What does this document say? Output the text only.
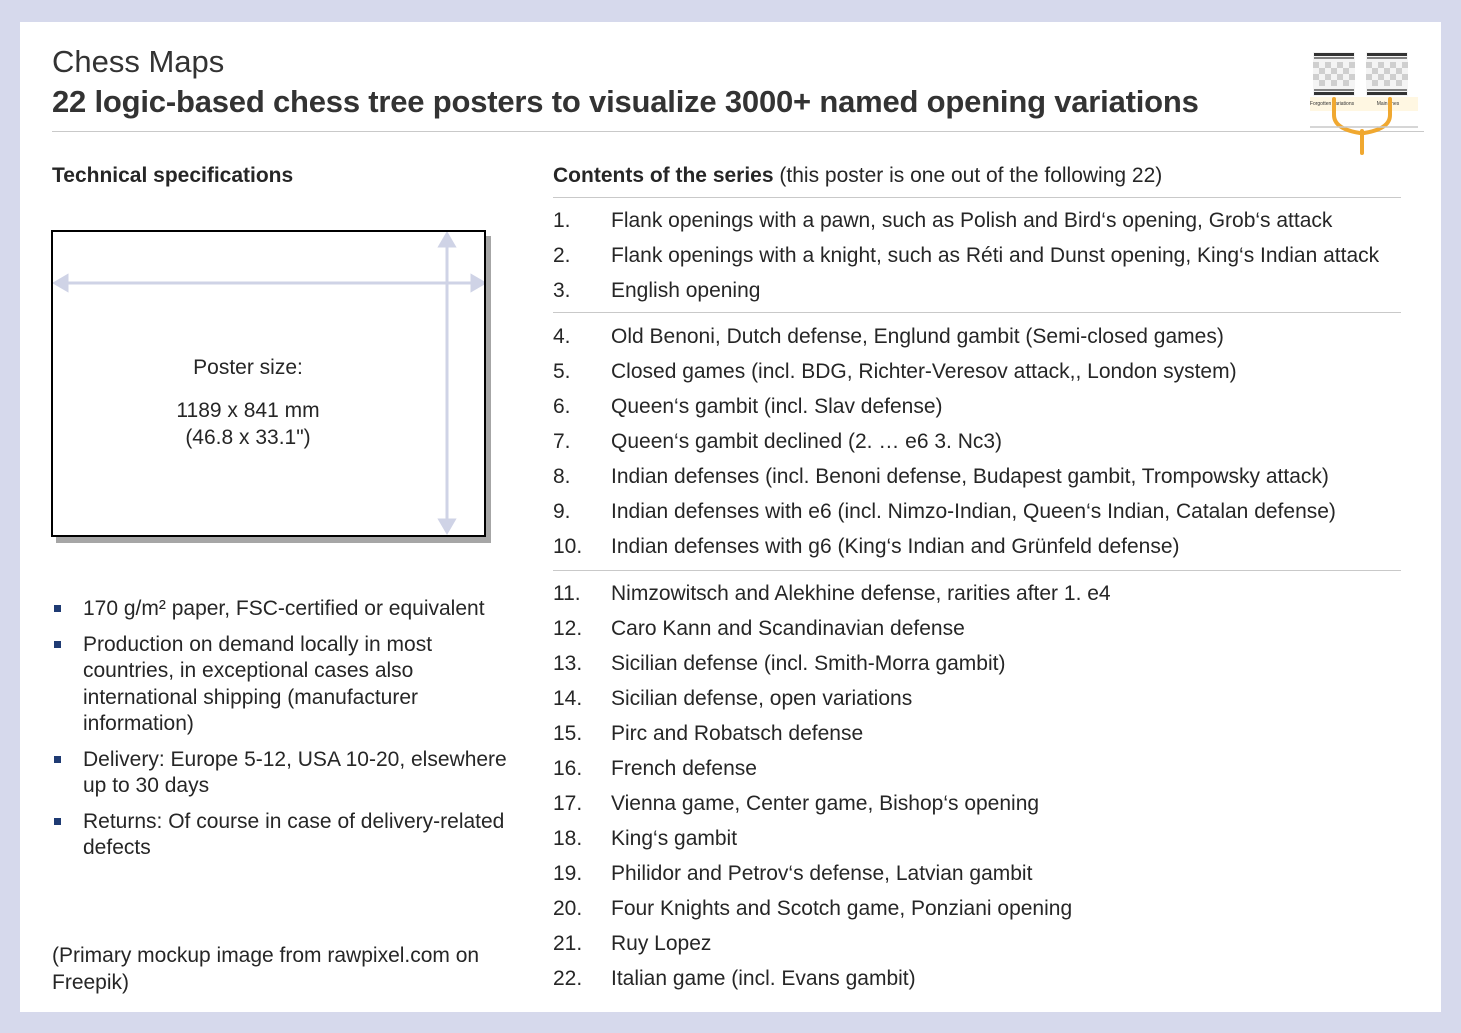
Chess Maps
22 logic-based chess tree posters to visualize 3000+ named opening variations	Forgotten variations	Main lines
Technical specifications
Poster size:
1189 x 841 mm
(46.8 x 33.1")
170 g/m² paper, FSC-certified or equivalent
Production on demand locally in most countries, in exceptional cases also international shipping (manufacturer information)
Delivery: Europe 5-12, USA 10-20, elsewhere up to 30 days
Returns: Of course in case of delivery-related defects
(Primary mockup image from rawpixel.com on Freepik)
Contents of the series (this poster is one out of the following 22)
1. Flank openings with a pawn, such as Polish and Bird‘s opening, Grob‘s attack
2. Flank openings with a knight, such as Réti and Dunst opening, King‘s Indian attack
3. English opening
4. Old Benoni, Dutch defense, Englund gambit (Semi-closed games)
5. Closed games (incl. BDG, Richter-Veresov attack,, London system)
6. Queen‘s gambit (incl. Slav defense)
7. Queen‘s gambit declined (2. … e6 3. Nc3)
8. Indian defenses (incl. Benoni defense, Budapest gambit, Trompowsky attack)
9. Indian defenses with e6 (incl. Nimzo-Indian, Queen‘s Indian, Catalan defense)
10. Indian defenses with g6 (King‘s Indian and Grünfeld defense)
11. Nimzowitsch and Alekhine defense, rarities after 1. e4
12. Caro Kann and Scandinavian defense
13. Sicilian defense (incl. Smith-Morra gambit)
14. Sicilian defense, open variations
15. Pirc and Robatsch defense
16. French defense
17. Vienna game, Center game, Bishop‘s opening
18. King‘s gambit
19. Philidor and Petrov‘s defense, Latvian gambit
20. Four Knights and Scotch game, Ponziani opening
21. Ruy Lopez
22. Italian game (incl. Evans gambit)
